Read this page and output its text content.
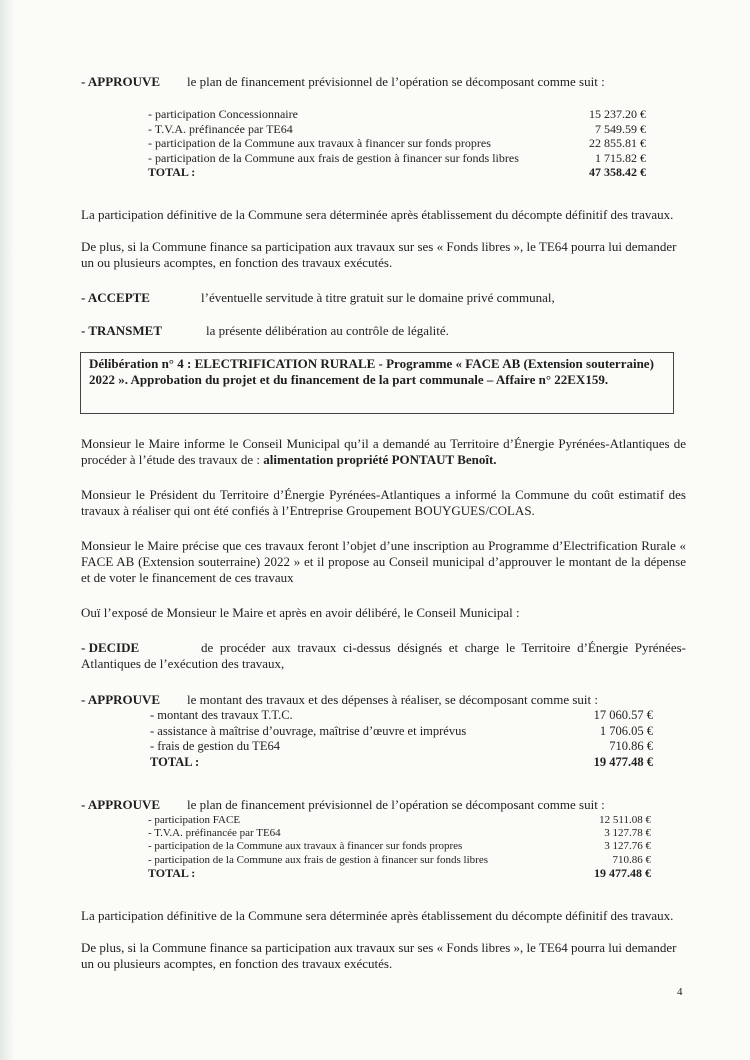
- APPROUVE le plan de financement prévisionnel de l’opération se décomposant comme suit :
- participation Concessionnaire	15 237.20 €
- T.V.A. préfinancée par TE64	7 549.59 €
- participation de la Commune aux travaux à financer sur fonds propres	22 855.81 €
- participation de la Commune aux frais de gestion à financer sur fonds libres	1 715.82 €
TOTAL :	47 358.42 €
La participation définitive de la Commune sera déterminée après établissement du décompte définitif des travaux.
De plus, si la Commune finance sa participation aux travaux sur ses « Fonds libres », le TE64 pourra lui demander un ou plusieurs acomptes, en fonction des travaux exécutés.
- ACCEPTE	l’éventuelle servitude à titre gratuit sur le domaine privé communal,
- TRANSMET	la présente délibération au contrôle de légalité.
Délibération n° 4 : ELECTRIFICATION RURALE - Programme « FACE AB (Extension souterraine) 2022 ». Approbation du projet et du financement de la part communale – Affaire n° 22EX159.
Monsieur le Maire informe le Conseil Municipal qu’il a demandé au Territoire d’Énergie Pyrénées-Atlantiques de procéder à l’étude des travaux de : alimentation propriété PONTAUT Benoît.
Monsieur le Président du Territoire d’Énergie Pyrénées-Atlantiques a informé la Commune du coût estimatif des travaux à réaliser qui ont été confiés à l’Entreprise Groupement BOUYGUES/COLAS.
Monsieur le Maire précise que ces travaux feront l’objet d’une inscription au Programme d’Electrification Rurale « FACE AB (Extension souterraine) 2022 » et il propose au Conseil municipal d’approuver le montant de la dépense et de voter le financement de ces travaux
Ouï l’exposé de Monsieur le Maire et après en avoir délibéré, le Conseil Municipal :
- DECIDE	de procéder aux travaux ci-dessus désignés et charge le Territoire d’Énergie Pyrénées-Atlantiques de l’exécution des travaux,
- APPROUVE le montant des travaux et des dépenses à réaliser, se décomposant comme suit :
- montant des travaux T.T.C.	17 060.57 €
- assistance à maîtrise d’ouvrage, maîtrise d’œuvre et imprévus	1 706.05 €
- frais de gestion du TE64	710.86 €
TOTAL :	19 477.48 €
- APPROUVE le plan de financement prévisionnel de l’opération se décomposant comme suit :
- participation FACE	12 511.08 €
- T.V.A. préfinancée par TE64	3 127.78 €
- participation de la Commune aux travaux à financer sur fonds propres	3 127.76 €
- participation de la Commune aux frais de gestion à financer sur fonds libres	710.86 €
TOTAL :	19 477.48 €
La participation définitive de la Commune sera déterminée après établissement du décompte définitif des travaux.
De plus, si la Commune finance sa participation aux travaux sur ses « Fonds libres », le TE64 pourra lui demander un ou plusieurs acomptes, en fonction des travaux exécutés.
4
